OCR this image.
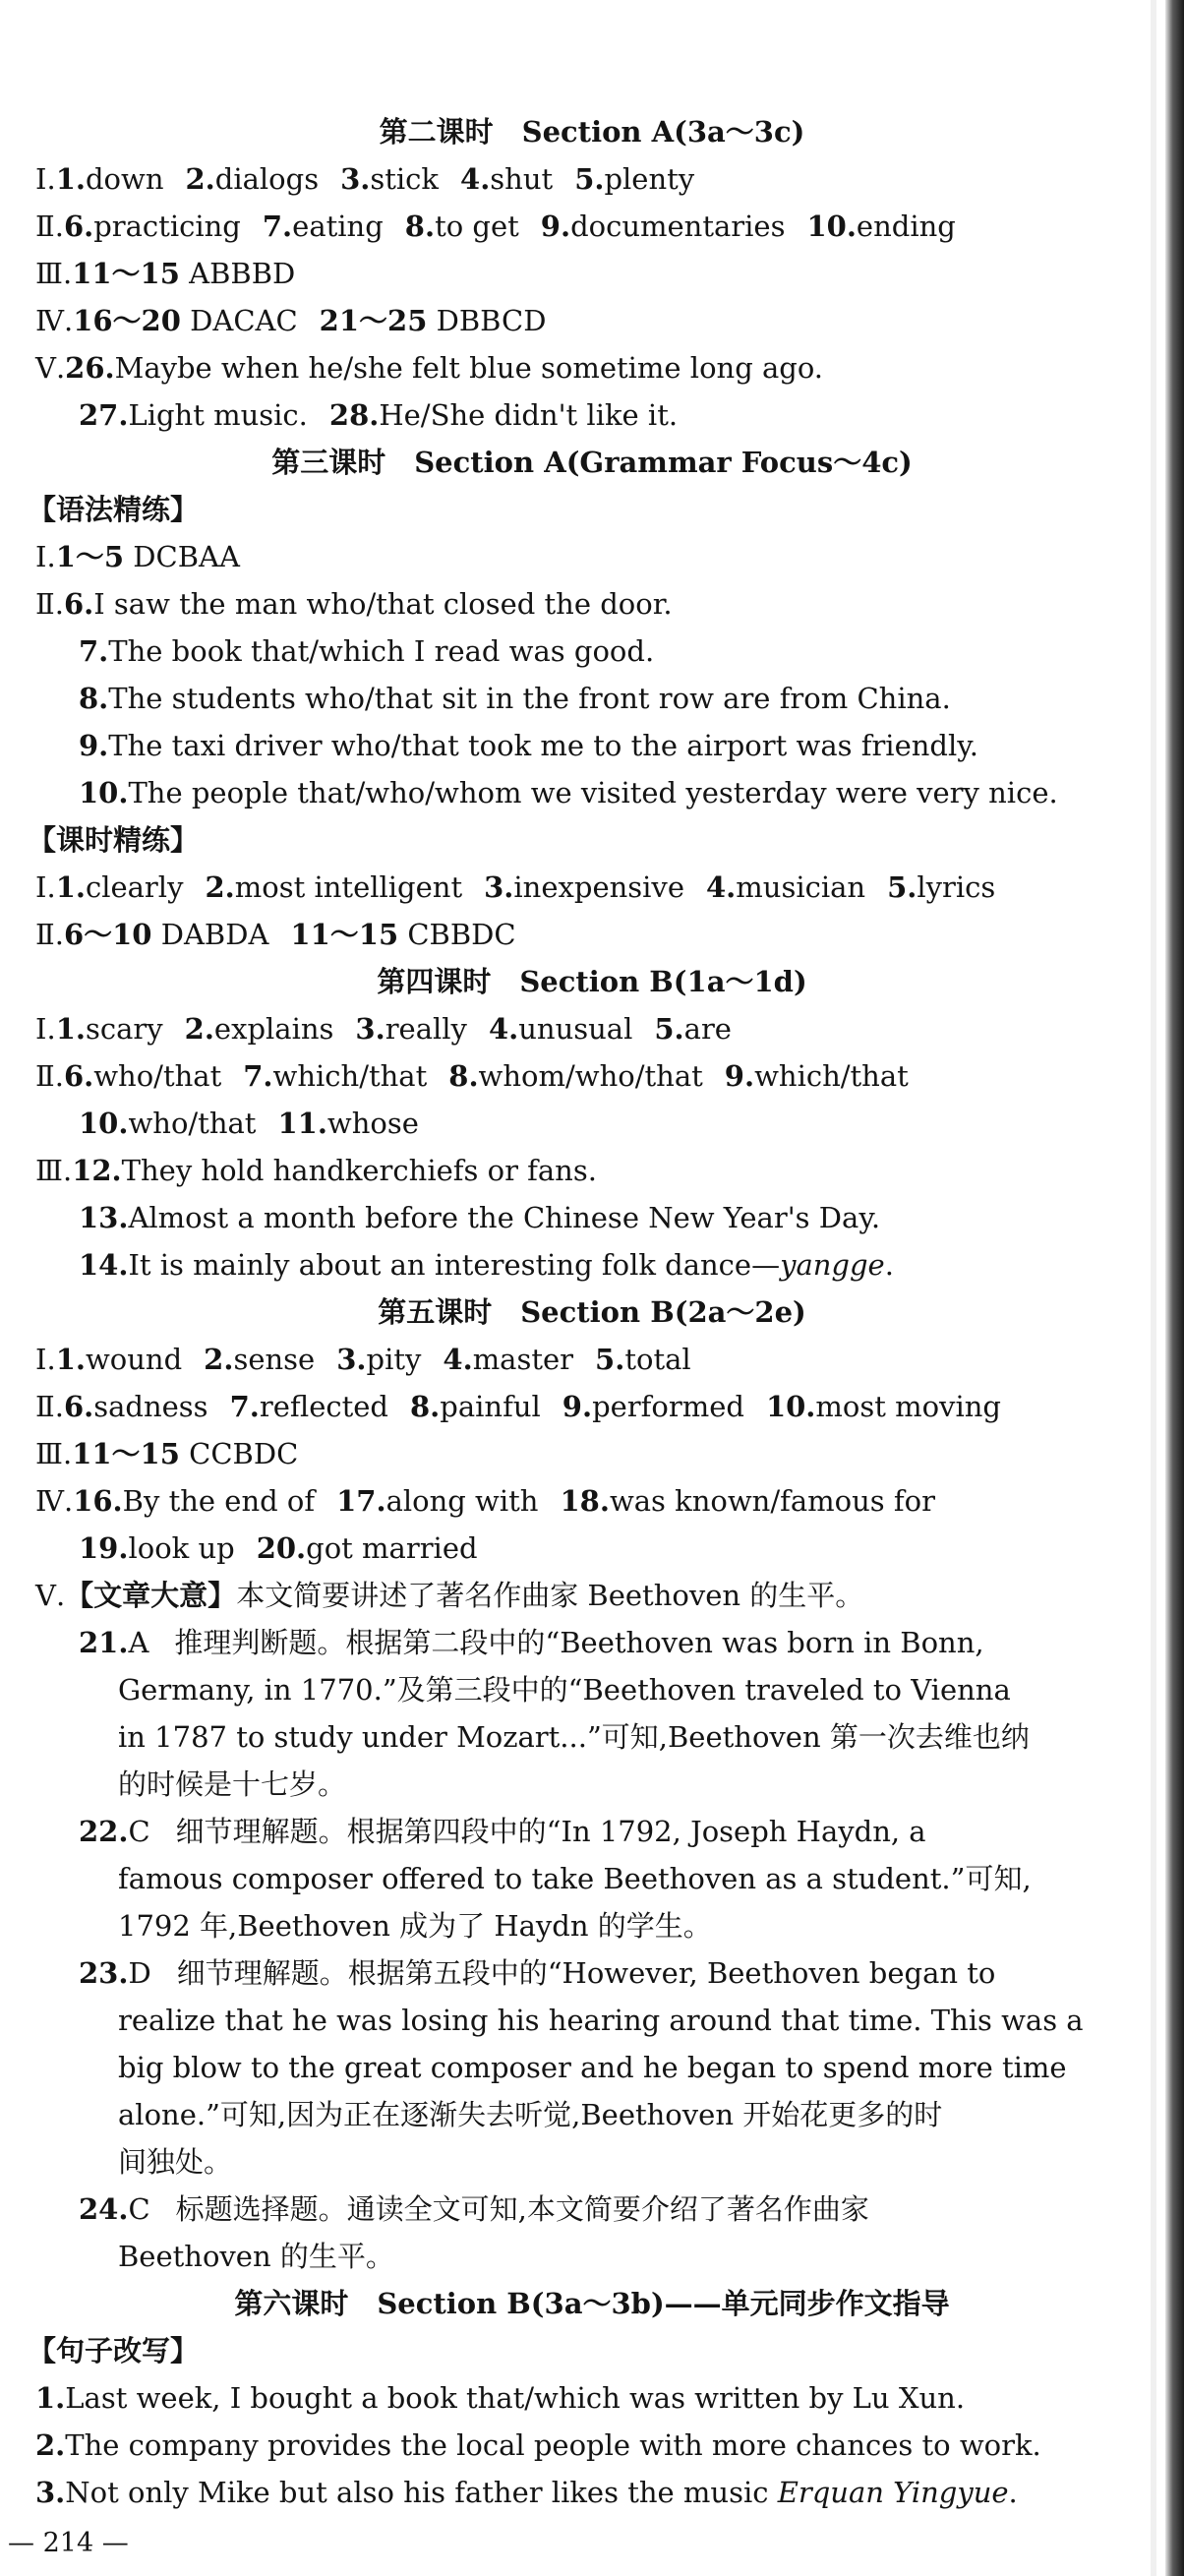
第二课时　Section A(3a～3c)
Ⅰ.1.down 2.dialogs 3.stick 4.shut 5.plenty
Ⅱ.6.practicing 7.eating 8.to get 9.documentaries 10.ending
Ⅲ.11～15 ABBBD
Ⅳ.16～20 DACAC 21～25 DBBCD
Ⅴ.26.Maybe when he/she felt blue sometime long ago.
27.Light music. 28.He/She didn't like it.
第三课时　Section A(Grammar Focus～4c)
【语法精练】
Ⅰ.1～5 DCBAA
Ⅱ.6.I saw the man who/that closed the door.
7.The book that/which I read was good.
8.The students who/that sit in the front row are from China.
9.The taxi driver who/that took me to the airport was friendly.
10.The people that/who/whom we visited yesterday were very nice.
【课时精练】
Ⅰ.1.clearly 2.most intelligent 3.inexpensive 4.musician 5.lyrics
Ⅱ.6～10 DABDA 11～15 CBBDC
第四课时　Section B(1a～1d)
Ⅰ.1.scary 2.explains 3.really 4.unusual 5.are
Ⅱ.6.who/that 7.which/that 8.whom/who/that 9.which/that
10.who/that 11.whose
Ⅲ.12.They hold handkerchiefs or fans.
13.Almost a month before the Chinese New Year's Day.
14.It is mainly about an interesting folk dance—yangge.
第五课时　Section B(2a～2e)
Ⅰ.1.wound 2.sense 3.pity 4.master 5.total
Ⅱ.6.sadness 7.reflected 8.painful 9.performed 10.most moving
Ⅲ.11～15 CCBDC
Ⅳ.16.By the end of 17.along with 18.was known/famous for
19.look up 20.got married
Ⅴ.【文章大意】本文简要讲述了著名作曲家 Beethoven 的生平。
21.A 推理判断题。根据第二段中的“Beethoven was born in Bonn,
Germany, in 1770.”及第三段中的“Beethoven traveled to Vienna
in 1787 to study under Mozart...”可知,Beethoven 第一次去维也纳
的时候是十七岁。
22.C 细节理解题。根据第四段中的“In 1792, Joseph Haydn, a
famous composer offered to take Beethoven as a student.”可知,
1792 年,Beethoven 成为了 Haydn 的学生。
23.D 细节理解题。根据第五段中的“However, Beethoven began to
realize that he was losing his hearing around that time. This was a
big blow to the great composer and he began to spend more time
alone.”可知,因为正在逐渐失去听觉,Beethoven 开始花更多的时
间独处。
24.C 标题选择题。通读全文可知,本文简要介绍了著名作曲家
Beethoven 的生平。
第六课时　Section B(3a～3b)——单元同步作文指导
【句子改写】
1.Last week, I bought a book that/which was written by Lu Xun.
2.The company provides the local people with more chances to work.
3.Not only Mike but also his father likes the music Erquan Yingyue.
— 214 —
